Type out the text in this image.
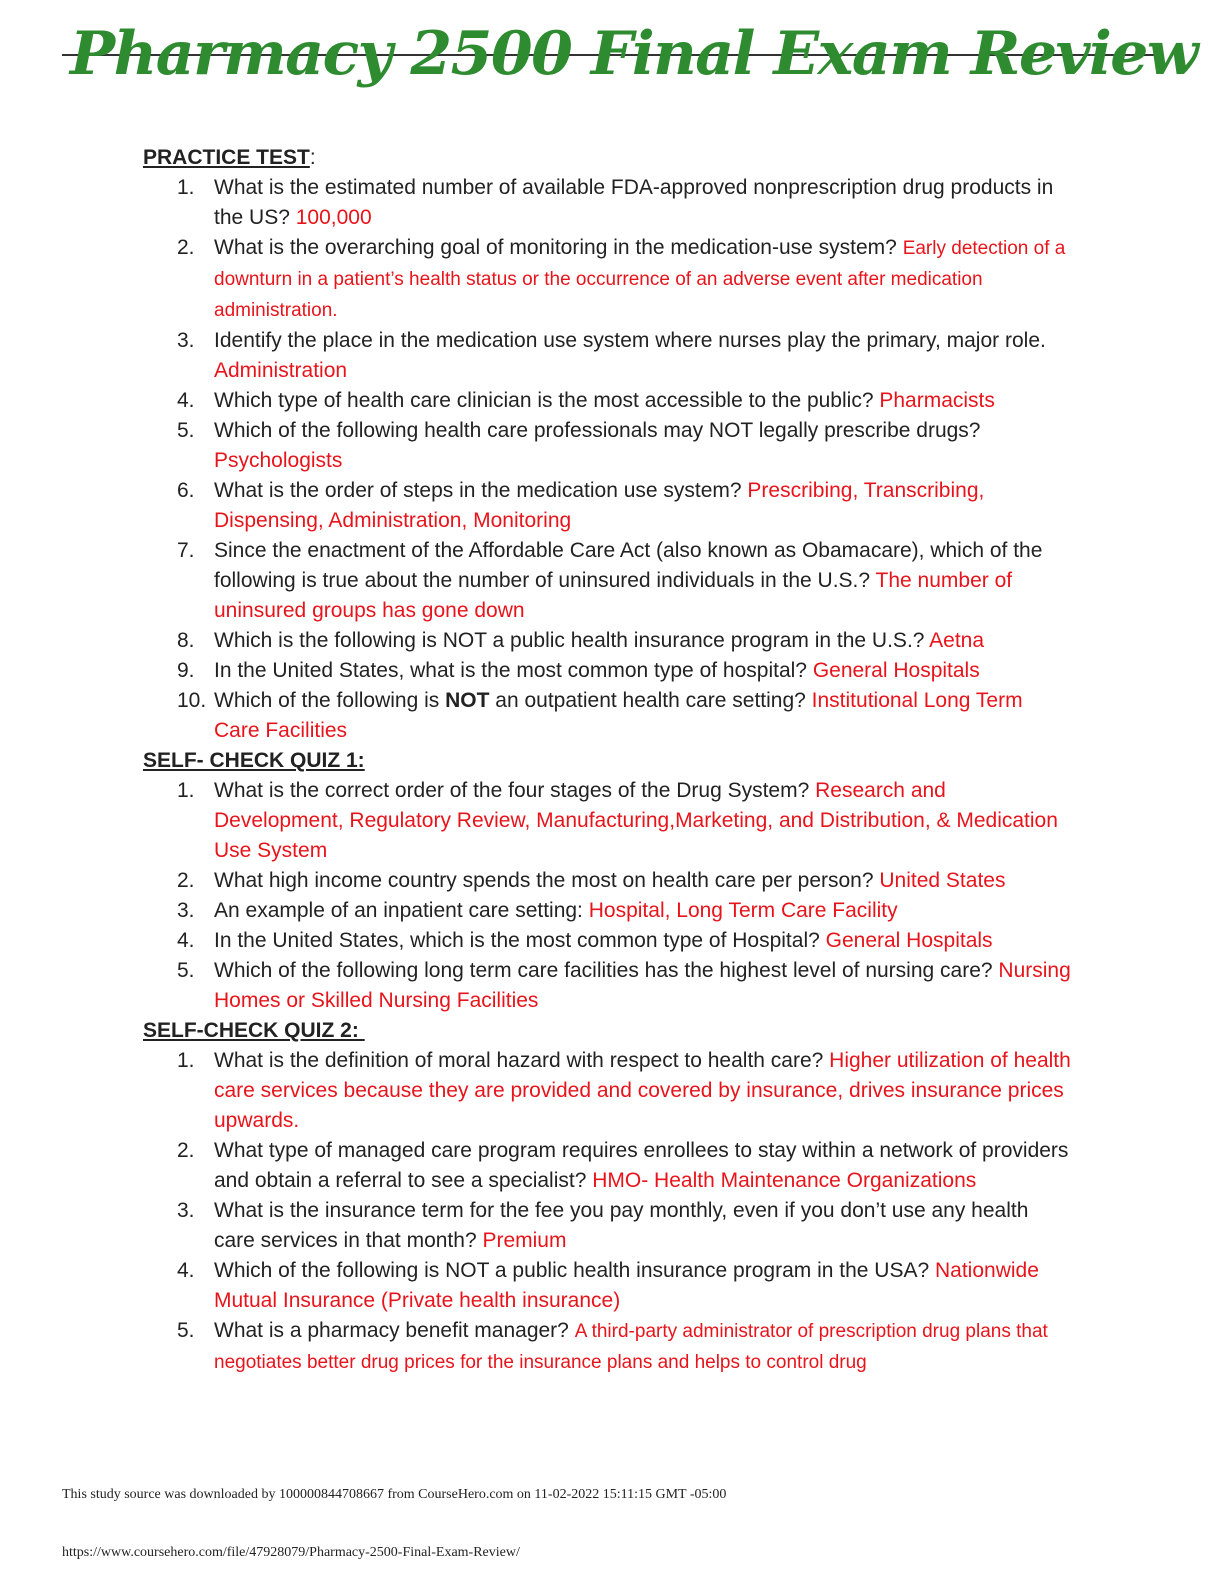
Pharmacy 2500 Final Exam Review
PRACTICE TEST:
1. What is the estimated number of available FDA-approved nonprescription drug products in the US? 100,000
2. What is the overarching goal of monitoring in the medication-use system? Early detection of a downturn in a patient’s health status or the occurrence of an adverse event after medication administration.
3. Identify the place in the medication use system where nurses play the primary, major role. Administration
4. Which type of health care clinician is the most accessible to the public? Pharmacists
5. Which of the following health care professionals may NOT legally prescribe drugs? Psychologists
6. What is the order of steps in the medication use system? Prescribing, Transcribing, Dispensing, Administration, Monitoring
7. Since the enactment of the Affordable Care Act (also known as Obamacare), which of the following is true about the number of uninsured individuals in the U.S.? The number of uninsured groups has gone down
8. Which is the following is NOT a public health insurance program in the U.S.? Aetna
9. In the United States, what is the most common type of hospital? General Hospitals
10. Which of the following is NOT an outpatient health care setting? Institutional Long Term Care Facilities
SELF- CHECK QUIZ 1:
1. What is the correct order of the four stages of the Drug System? Research and Development, Regulatory Review, Manufacturing,Marketing, and Distribution, & Medication Use System
2. What high income country spends the most on health care per person? United States
3. An example of an inpatient care setting: Hospital, Long Term Care Facility
4. In the United States, which is the most common type of Hospital? General Hospitals
5. Which of the following long term care facilities has the highest level of nursing care? Nursing Homes or Skilled Nursing Facilities
SELF-CHECK QUIZ 2:
1. What is the definition of moral hazard with respect to health care? Higher utilization of health care services because they are provided and covered by insurance, drives insurance prices upwards.
2. What type of managed care program requires enrollees to stay within a network of providers and obtain a referral to see a specialist? HMO- Health Maintenance Organizations
3. What is the insurance term for the fee you pay monthly, even if you don’t use any health care services in that month? Premium
4. Which of the following is NOT a public health insurance program in the USA? Nationwide Mutual Insurance (Private health insurance)
5. What is a pharmacy benefit manager? A third-party administrator of prescription drug plans that negotiates better drug prices for the insurance plans and helps to control drug
This study source was downloaded by 100000844708667 from CourseHero.com on 11-02-2022 15:11:15 GMT -05:00
https://www.coursehero.com/file/47928079/Pharmacy-2500-Final-Exam-Review/
